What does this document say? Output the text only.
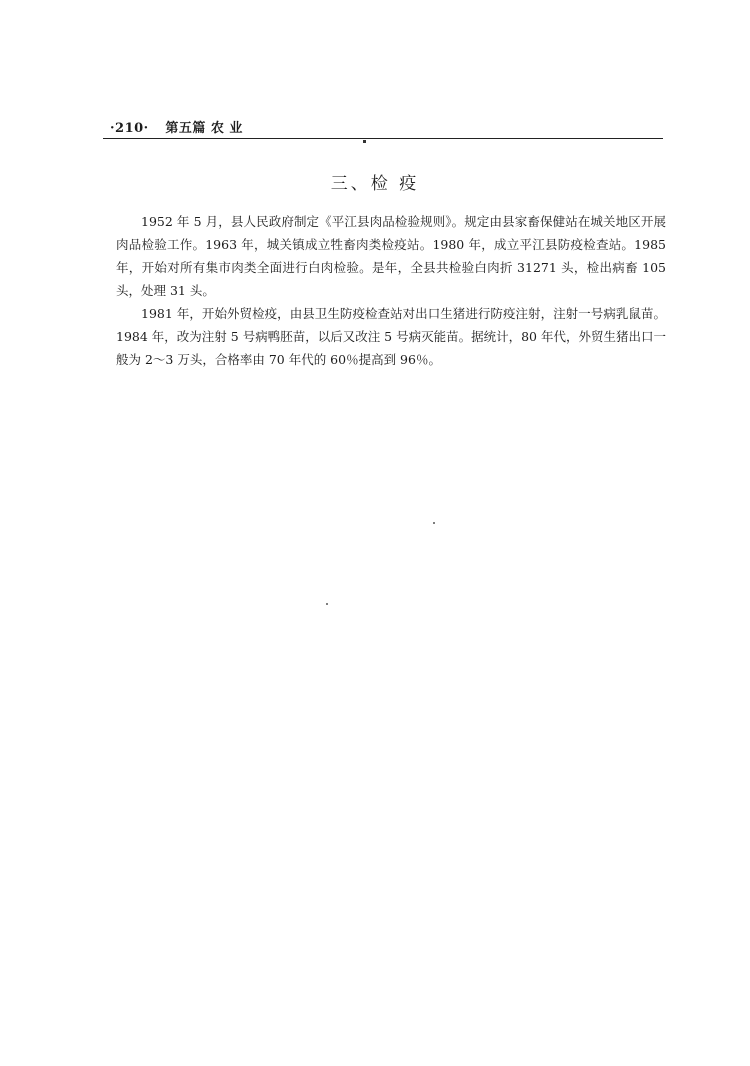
·210· 第五篇 农 业
三、检 疫

1952 年 5 月，县人民政府制定《平江县肉品检验规则》。规定由县家畜保健站在城关地区开展肉品检验工作。1963 年，城关镇成立牲畜肉类检疫站。1980 年，成立平江县防疫检查站。1985 年，开始对所有集市肉类全面进行白肉检验。是年，全县共检验白肉折 31271 头，检出病畜 105 头，处理 31 头。

1981 年，开始外贸检疫，由县卫生防疫检查站对出口生猪进行防疫注射，注射一号病乳鼠苗。1984 年，改为注射 5 号病鸭胚苗，以后又改注 5 号病灭能苗。据统计，80 年代，外贸生猪出口一般为 2～3 万头，合格率由 70 年代的 60％提高到 96％。
